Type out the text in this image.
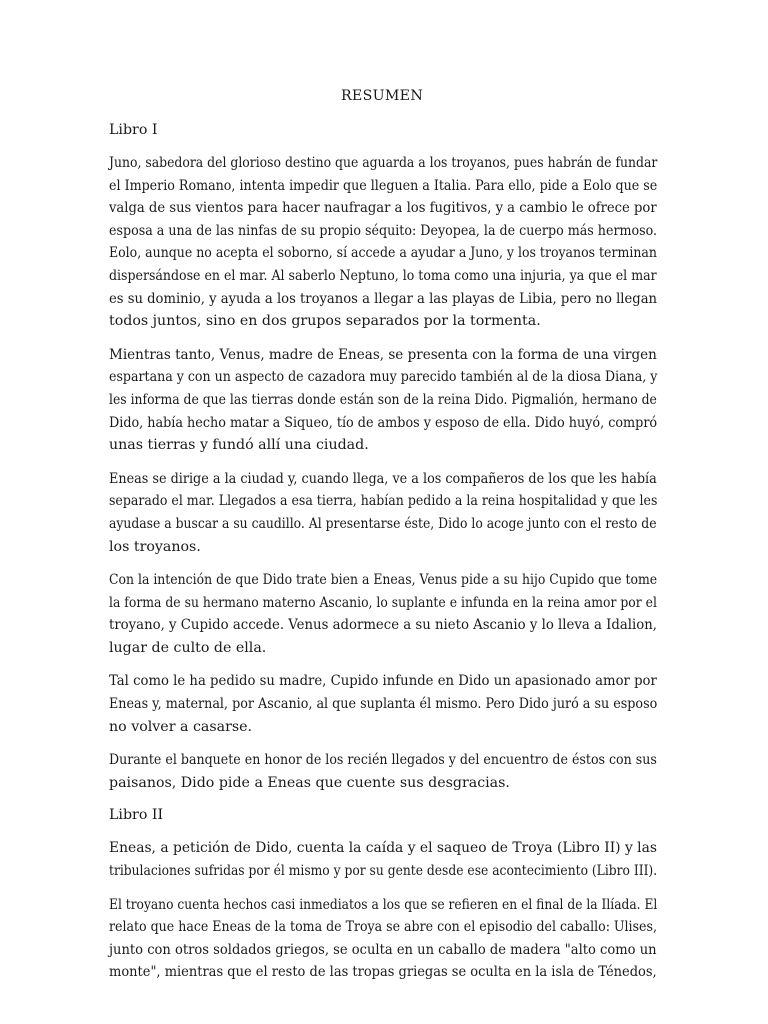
RESUMEN
Libro I
Juno, sabedora del glorioso destino que aguarda a los troyanos, pues habrán de fundar
el Imperio Romano, intenta impedir que lleguen a Italia. Para ello, pide a Eolo que se
valga de sus vientos para hacer naufragar a los fugitivos, y a cambio le ofrece por
esposa a una de las ninfas de su propio séquito: Deyopea, la de cuerpo más hermoso.
Eolo, aunque no acepta el soborno, sí accede a ayudar a Juno, y los troyanos terminan
dispersándose en el mar. Al saberlo Neptuno, lo toma como una injuria, ya que el mar
es su dominio, y ayuda a los troyanos a llegar a las playas de Libia, pero no llegan
todos juntos, sino en dos grupos separados por la tormenta.
Mientras tanto, Venus, madre de Eneas, se presenta con la forma de una virgen
espartana y con un aspecto de cazadora muy parecido también al de la diosa Diana, y
les informa de que las tierras donde están son de la reina Dido. Pigmalión, hermano de
Dido, había hecho matar a Siqueo, tío de ambos y esposo de ella. Dido huyó, compró
unas tierras y fundó allí una ciudad.
Eneas se dirige a la ciudad y, cuando llega, ve a los compañeros de los que les había
separado el mar. Llegados a esa tierra, habían pedido a la reina hospitalidad y que les
ayudase a buscar a su caudillo. Al presentarse éste, Dido lo acoge junto con el resto de
los troyanos.
Con la intención de que Dido trate bien a Eneas, Venus pide a su hijo Cupido que tome
la forma de su hermano materno Ascanio, lo suplante e infunda en la reina amor por el
troyano, y Cupido accede. Venus adormece a su nieto Ascanio y lo lleva a Idalion,
lugar de culto de ella.
Tal como le ha pedido su madre, Cupido infunde en Dido un apasionado amor por
Eneas y, maternal, por Ascanio, al que suplanta él mismo. Pero Dido juró a su esposo
no volver a casarse.
Durante el banquete en honor de los recién llegados y del encuentro de éstos con sus
paisanos, Dido pide a Eneas que cuente sus desgracias.
Libro II
Eneas, a petición de Dido, cuenta la caída y el saqueo de Troya (Libro II) y las
tribulaciones sufridas por él mismo y por su gente desde ese acontecimiento (Libro III).
El troyano cuenta hechos casi inmediatos a los que se refieren en el final de la Ilíada. El
relato que hace Eneas de la toma de Troya se abre con el episodio del caballo: Ulises,
junto con otros soldados griegos, se oculta en un caballo de madera "alto como un
monte", mientras que el resto de las tropas griegas se oculta en la isla de Ténedos,
